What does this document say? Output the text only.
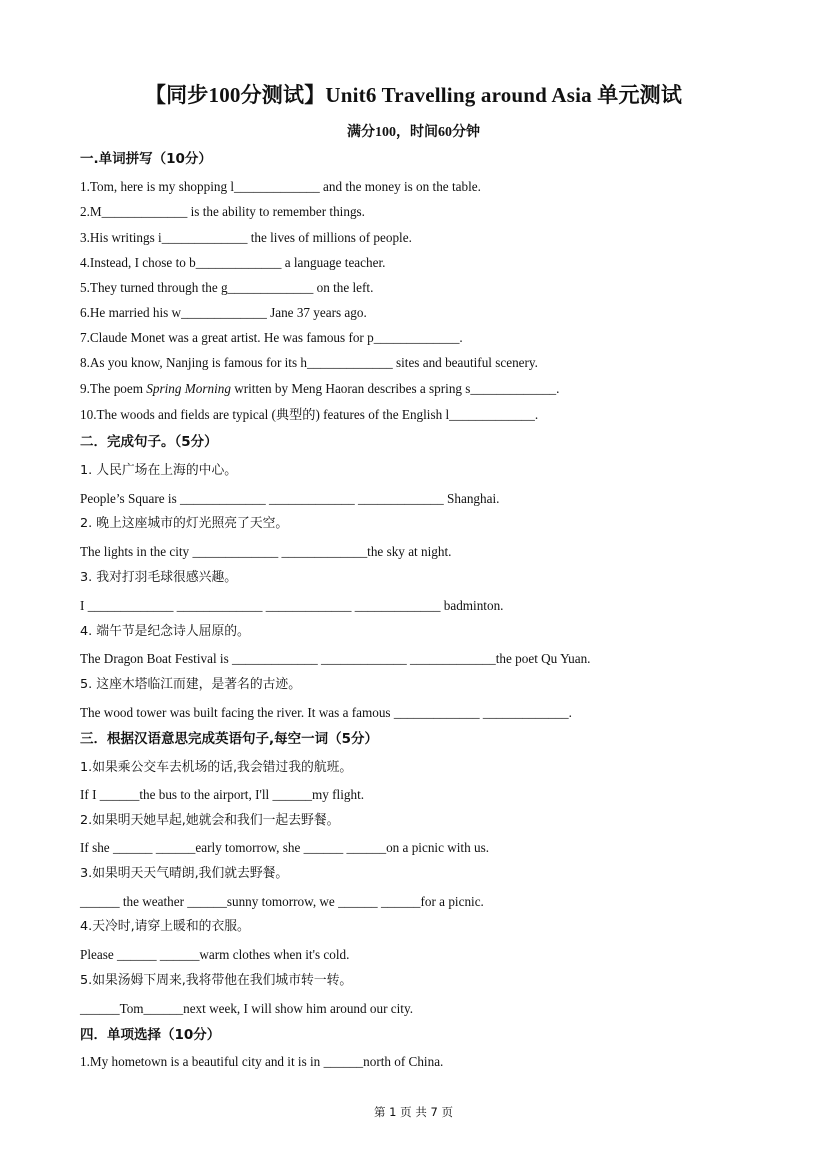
【同步100分测试】Unit6 Travelling around Asia 单元测试
满分100，时间60分钟
一.单词拼写（10分）
1.Tom, here is my shopping l_____________ and the money is on the table.
2.M_____________ is the ability to remember things.
3.His writings i_____________ the lives of millions of people.
4.Instead, I chose to b_____________ a language teacher.
5.They turned through the g_____________ on the left.
6.He married his w_____________ Jane 37 years ago.
7.Claude Monet was a great artist. He was famous for p_____________.
8.As you know, Nanjing is famous for its h_____________ sites and beautiful scenery.
9.The poem Spring Morning written by Meng Haoran describes a spring s_____________.
10.The woods and fields are typical (典型的) features of the English l_____________.
二．完成句子。（5分）
1. 人民广场在上海的中心。
People’s Square is _____________ _____________ _____________ Shanghai.
2. 晚上这座城市的灯光照亮了天空。
The lights in the city _____________ _____________the sky at night.
3. 我对打羽毛球很感兴趣。
I _____________ _____________ _____________ _____________ badminton.
4. 端午节是纪念诗人屈原的。
The Dragon Boat Festival is _____________ _____________ _____________the poet Qu Yuan.
5. 这座木塔临江而建，是著名的古迹。
The wood tower was built facing the river. It was a famous _____________ _____________.
三．根据汉语意思完成英语句子,每空一词（5分）
1.如果乘公交车去机场的话,我会错过我的航班。
If I ______the bus to the airport, I'll ______my flight.
2.如果明天她早起,她就会和我们一起去野餐。
If she ______ ______early tomorrow, she ______ ______on a picnic with us.
3.如果明天天气晴朗,我们就去野餐。
______ the weather ______sunny tomorrow, we ______ ______for a picnic.
4.天冷时,请穿上暖和的衣服。
Please ______ ______warm clothes when it's cold.
5.如果汤姆下周来,我将带他在我们城市转一转。
______Tom______next week, I will show him around our city.
四．单项选择（10分）
1.My hometown is a beautiful city and it is in ______north of China.
第 1 页 共 7 页
